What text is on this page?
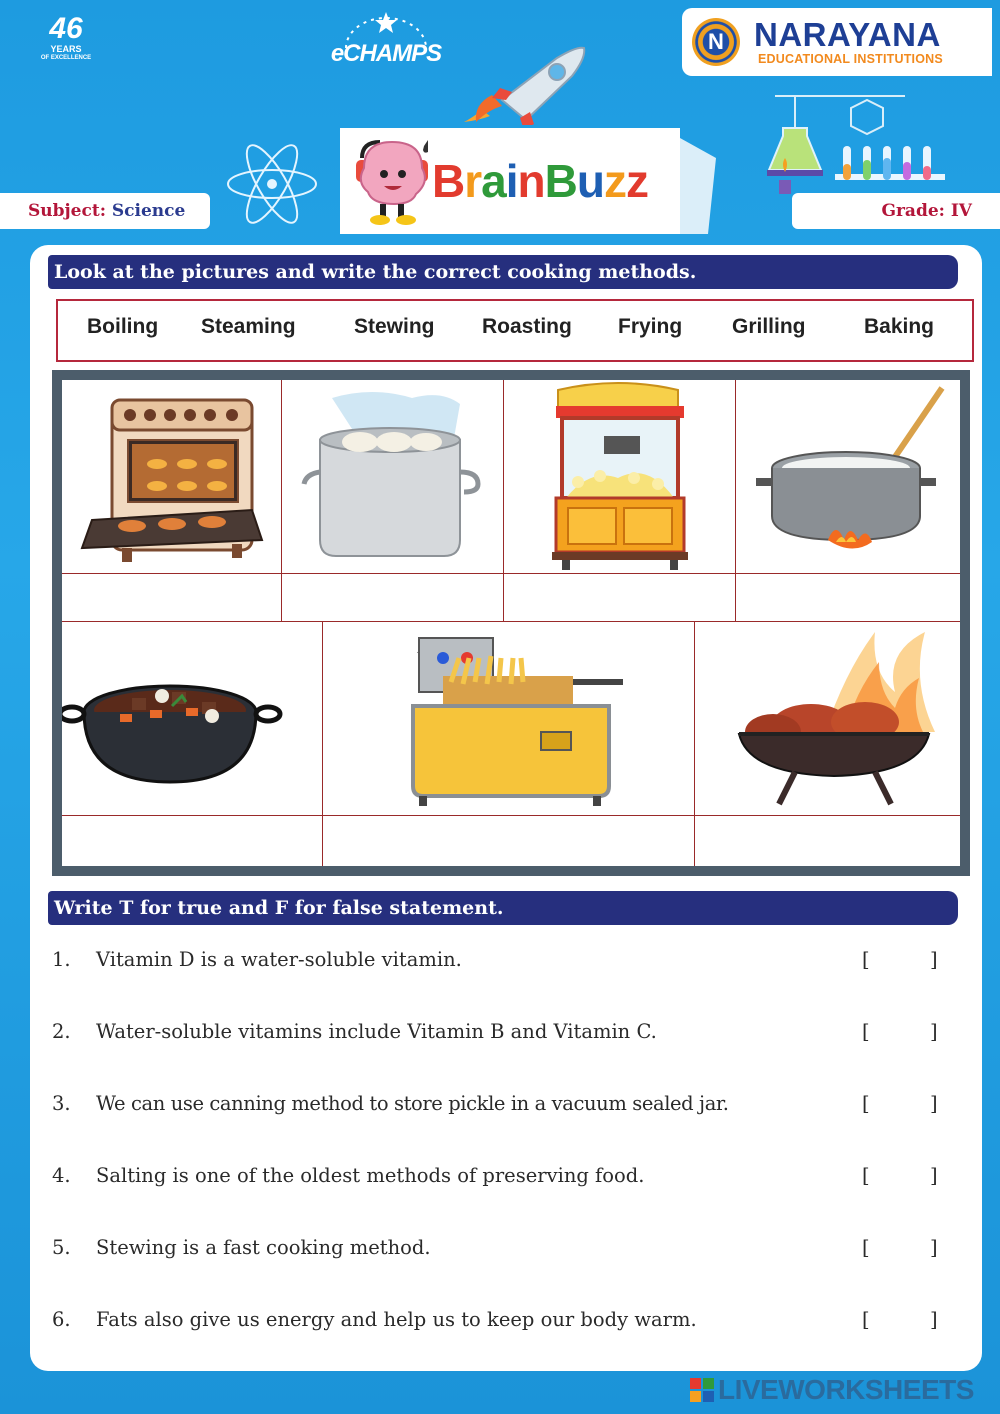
46
YEARS
OF EXCELLENCE	eCHAMPS	N NARAYANA
EDUCATIONAL INSTITUTIONS
BrainBuzz
Subject: Science	Grade: IV
Look at the pictures and write the correct cooking methods.
Boiling Steaming	Stewing Roasting Frying Grilling	Baking
Write T for true and F for false statement.
1. Vitamin D is a water-soluble vitamin.	[	]
2. Water-soluble vitamins include Vitamin B and Vitamin C.	[	]
3. We can use canning method to store pickle in a vacuum sealed jar.	[	]
4. Salting is one of the oldest methods of preserving food.	[	]
5. Stewing is a fast cooking method.	[	]
6. Fats also give us energy and help us to keep our body warm.	[	]
LIVEWORKSHEETS
